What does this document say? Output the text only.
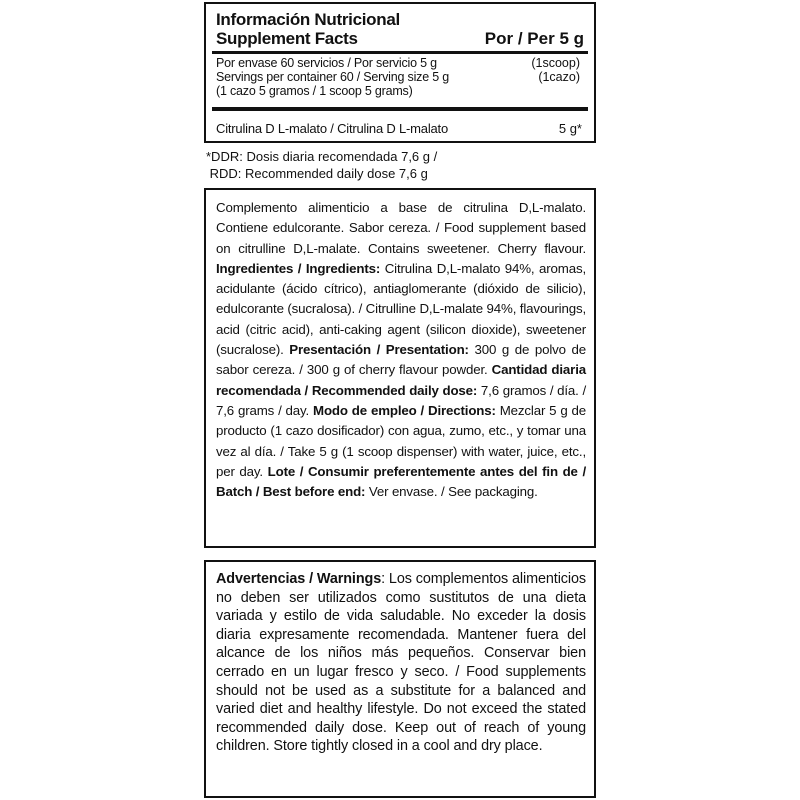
Información Nutricional
Supplement Facts	Por / Per 5 g
Por envase 60 servicios / Por servicio 5 g	(1scoop)
Servings per container 60 / Serving size 5 g	(1cazo)
(1 cazo 5 gramos / 1 scoop 5 grams)
Citrulina D L-malato / Citrulina D L-malato	5 g*
*DDR: Dosis diaria recomendada 7,6 g /
RDD: Recommended daily dose 7,6 g

Complemento alimenticio a base de citrulina D,L-malato. Contiene edulcorante. Sabor cereza. / Food supplement based on citrulline D,L-malate. Contains sweetener. Cherry flavour. Ingredientes / Ingredients: Citrulina D,L-malato 94%, aromas, acidulante (ácido cítrico), antiaglomerante (dióxido de silicio), edulcorante (sucralosa). / Citrulline D,L-malate 94%, flavourings, acid (citric acid), anti-caking agent (silicon dioxide), sweetener (sucralose). Presentación / Presentation: 300 g de polvo de sabor cereza. / 300 g of cherry flavour powder. Cantidad diaria recomendada / Recommended daily dose: 7,6 gramos / día. / 7,6 grams / day. Modo de empleo / Directions: Mezclar 5 g de producto (1 cazo dosificador) con agua, zumo, etc., y tomar una vez al día. / Take 5 g (1 scoop dispenser) with water, juice, etc., per day. Lote / Consumir preferentemente antes del fin de / Batch / Best before end: Ver envase. / See packaging.

Advertencias / Warnings: Los complementos alimenticios no deben ser utilizados como sustitutos de una dieta variada y estilo de vida saludable. No exceder la dosis diaria expresamente recomendada. Mantener fuera del alcance de los niños más pequeños. Conservar bien cerrado en un lugar fresco y seco. / Food supplements should not be used as a substitute for a balanced and varied diet and healthy lifestyle. Do not exceed the stated recommended daily dose. Keep out of reach of young children. Store tightly closed in a cool and dry place.
